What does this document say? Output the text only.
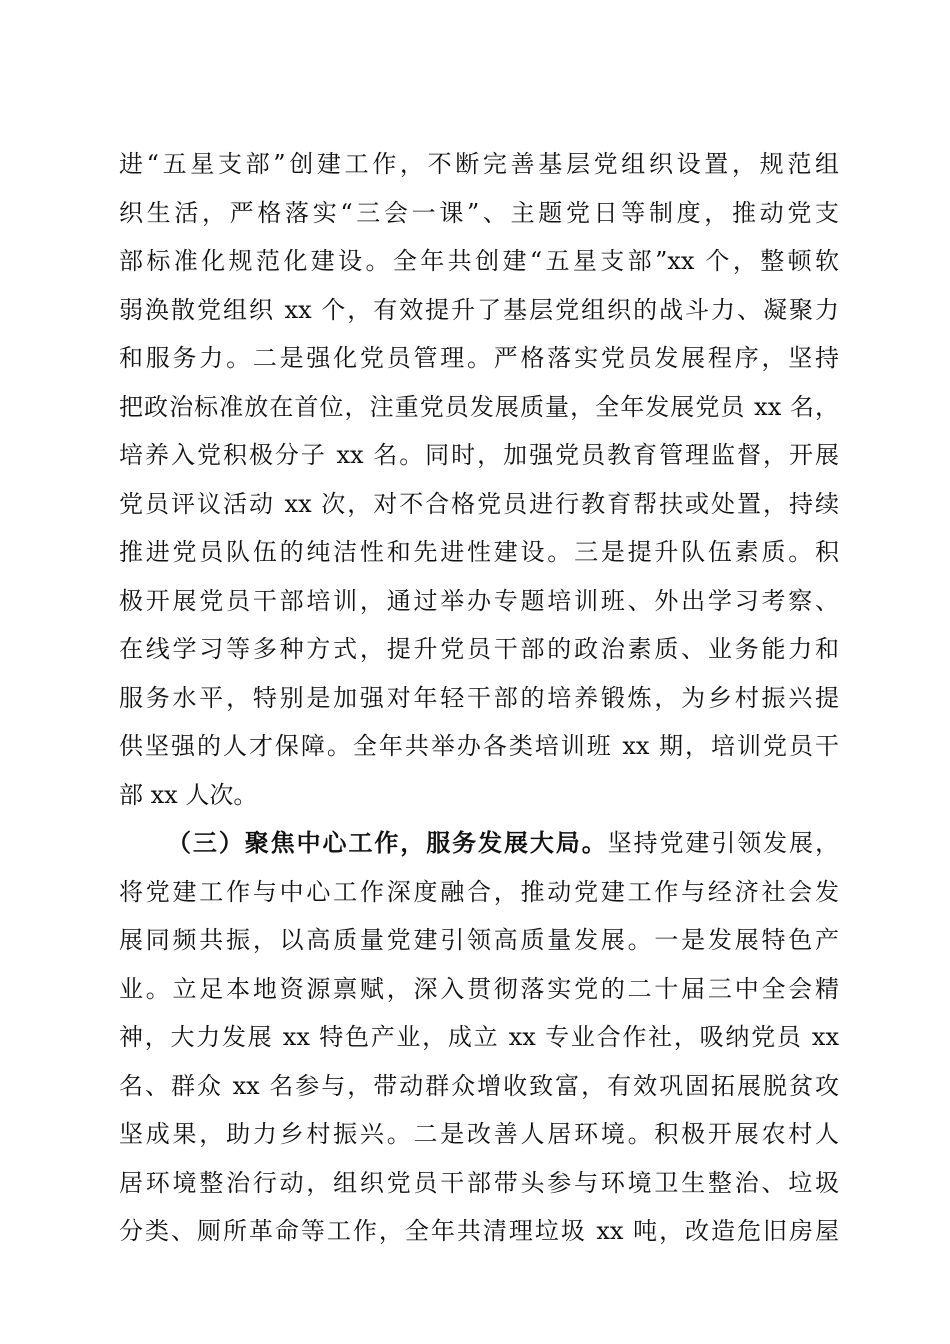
进“五星支部”创建工作，不断完善基层党组织设置，规范组
织生活，严格落实“三会一课”、主题党日等制度，推动党支
部标准化规范化建设。全年共创建“五星支部”xx 个，整顿软
弱涣散党组织 xx 个，有效提升了基层党组织的战斗力、凝聚力
和服务力。二是强化党员管理。严格落实党员发展程序，坚持
把政治标准放在首位，注重党员发展质量，全年发展党员 xx 名，
培养入党积极分子 xx 名。同时，加强党员教育管理监督，开展
党员评议活动 xx 次，对不合格党员进行教育帮扶或处置，持续
推进党员队伍的纯洁性和先进性建设。三是提升队伍素质。积
极开展党员干部培训，通过举办专题培训班、外出学习考察、
在线学习等多种方式，提升党员干部的政治素质、业务能力和
服务水平，特别是加强对年轻干部的培养锻炼，为乡村振兴提
供坚强的人才保障。全年共举办各类培训班 xx 期，培训党员干
部 xx 人次。
（三）聚焦中心工作，服务发展大局。坚持党建引领发展，
将党建工作与中心工作深度融合，推动党建工作与经济社会发
展同频共振，以高质量党建引领高质量发展。一是发展特色产
业。立足本地资源禀赋，深入贯彻落实党的二十届三中全会精
神，大力发展 xx 特色产业，成立 xx 专业合作社，吸纳党员 xx
名、群众 xx 名参与，带动群众增收致富，有效巩固拓展脱贫攻
坚成果，助力乡村振兴。二是改善人居环境。积极开展农村人
居环境整治行动，组织党员干部带头参与环境卫生整治、垃圾
分类、厕所革命等工作，全年共清理垃圾 xx 吨，改造危旧房屋
